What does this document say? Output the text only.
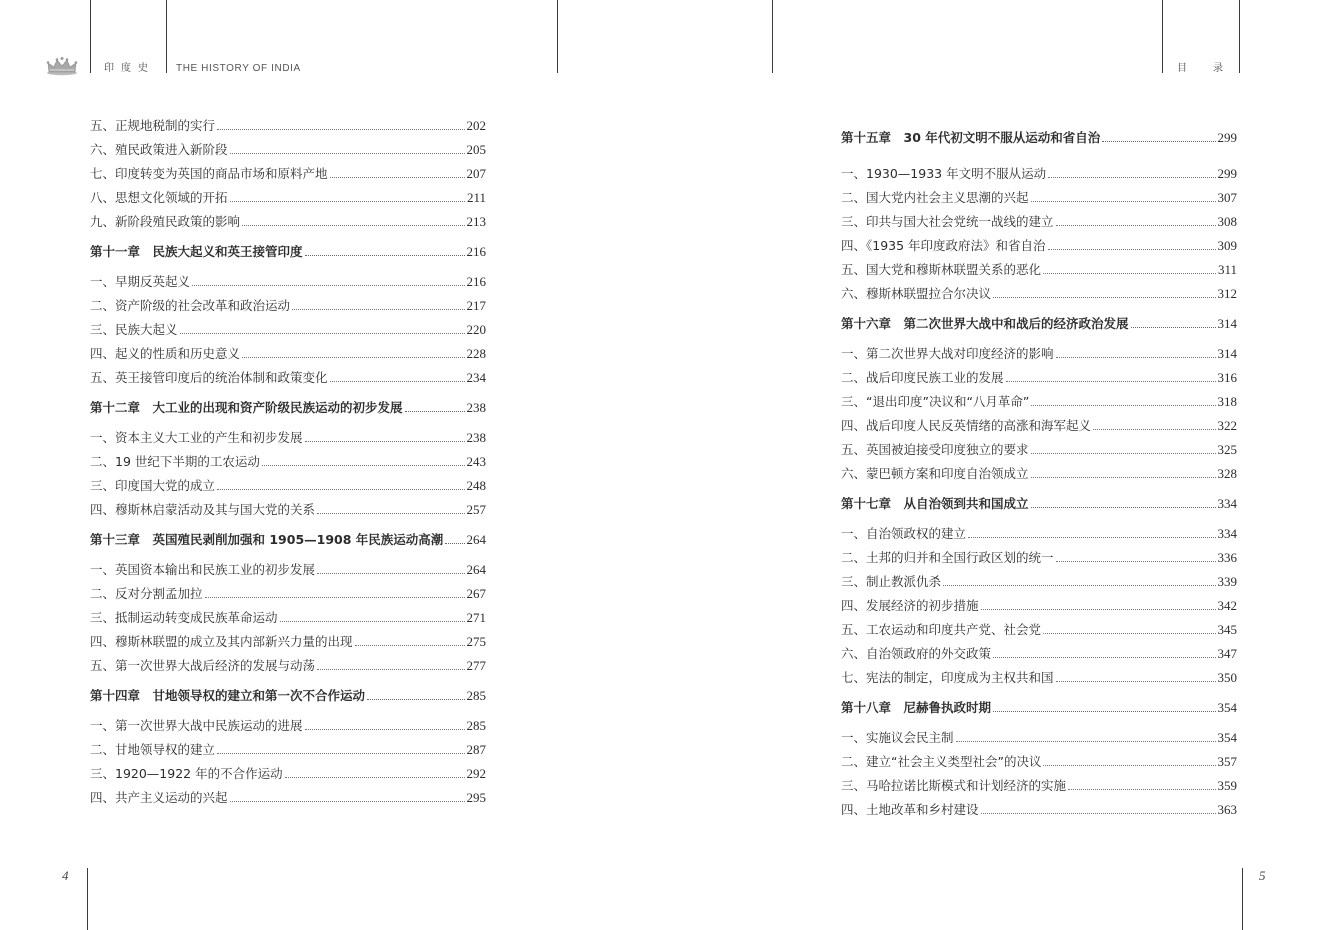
印度史 THE HISTORY OF INDIA	目录
五、正规地税制的实行	202
六、殖民政策进入新阶段	205
七、印度转变为英国的商品市场和原料产地	207
八、思想文化领域的开拓	211
九、新阶段殖民政策的影响	213
第十一章　民族大起义和英王接管印度	216
一、早期反英起义	216
二、资产阶级的社会改革和政治运动	217
三、民族大起义	220
四、起义的性质和历史意义	228
五、英王接管印度后的统治体制和政策变化	234
第十二章　大工业的出现和资产阶级民族运动的初步发展	238
一、资本主义大工业的产生和初步发展	238
二、19 世纪下半期的工农运动	243
三、印度国大党的成立	248
四、穆斯林启蒙活动及其与国大党的关系	257
第十三章　英国殖民剥削加强和 1905—1908 年民族运动高潮 264
一、英国资本输出和民族工业的初步发展	264
二、反对分割孟加拉	267
三、抵制运动转变成民族革命运动	271
四、穆斯林联盟的成立及其内部新兴力量的出现	275
五、第一次世界大战后经济的发展与动荡	277
第十四章　甘地领导权的建立和第一次不合作运动	285
一、第一次世界大战中民族运动的进展	285
二、甘地领导权的建立	287
三、1920—1922 年的不合作运动	292
四、共产主义运动的兴起	295
第十五章　30 年代初文明不服从运动和省自治	299
一、1930—1933 年文明不服从运动	299
二、国大党内社会主义思潮的兴起	307
三、印共与国大社会党统一战线的建立	308
四、《1935 年印度政府法》和省自治	309
五、国大党和穆斯林联盟关系的恶化	311
六、穆斯林联盟拉合尔决议	312
第十六章　第二次世界大战中和战后的经济政治发展	314
一、第二次世界大战对印度经济的影响	314
二、战后印度民族工业的发展	316
三、“退出印度”决议和“八月革命”	318
四、战后印度人民反英情绪的高涨和海军起义	322
五、英国被迫接受印度独立的要求	325
六、蒙巴顿方案和印度自治领成立	328
第十七章　从自治领到共和国成立	334
一、自治领政权的建立	334
二、土邦的归并和全国行政区划的统一	336
三、制止教派仇杀	339
四、发展经济的初步措施	342
五、工农运动和印度共产党、社会党	345
六、自治领政府的外交政策	347
七、宪法的制定，印度成为主权共和国	350
第十八章　尼赫鲁执政时期	354
一、实施议会民主制	354
二、建立“社会主义类型社会”的决议	357
三、马哈拉诺比斯模式和计划经济的实施	359
四、土地改革和乡村建设	363
4	5
